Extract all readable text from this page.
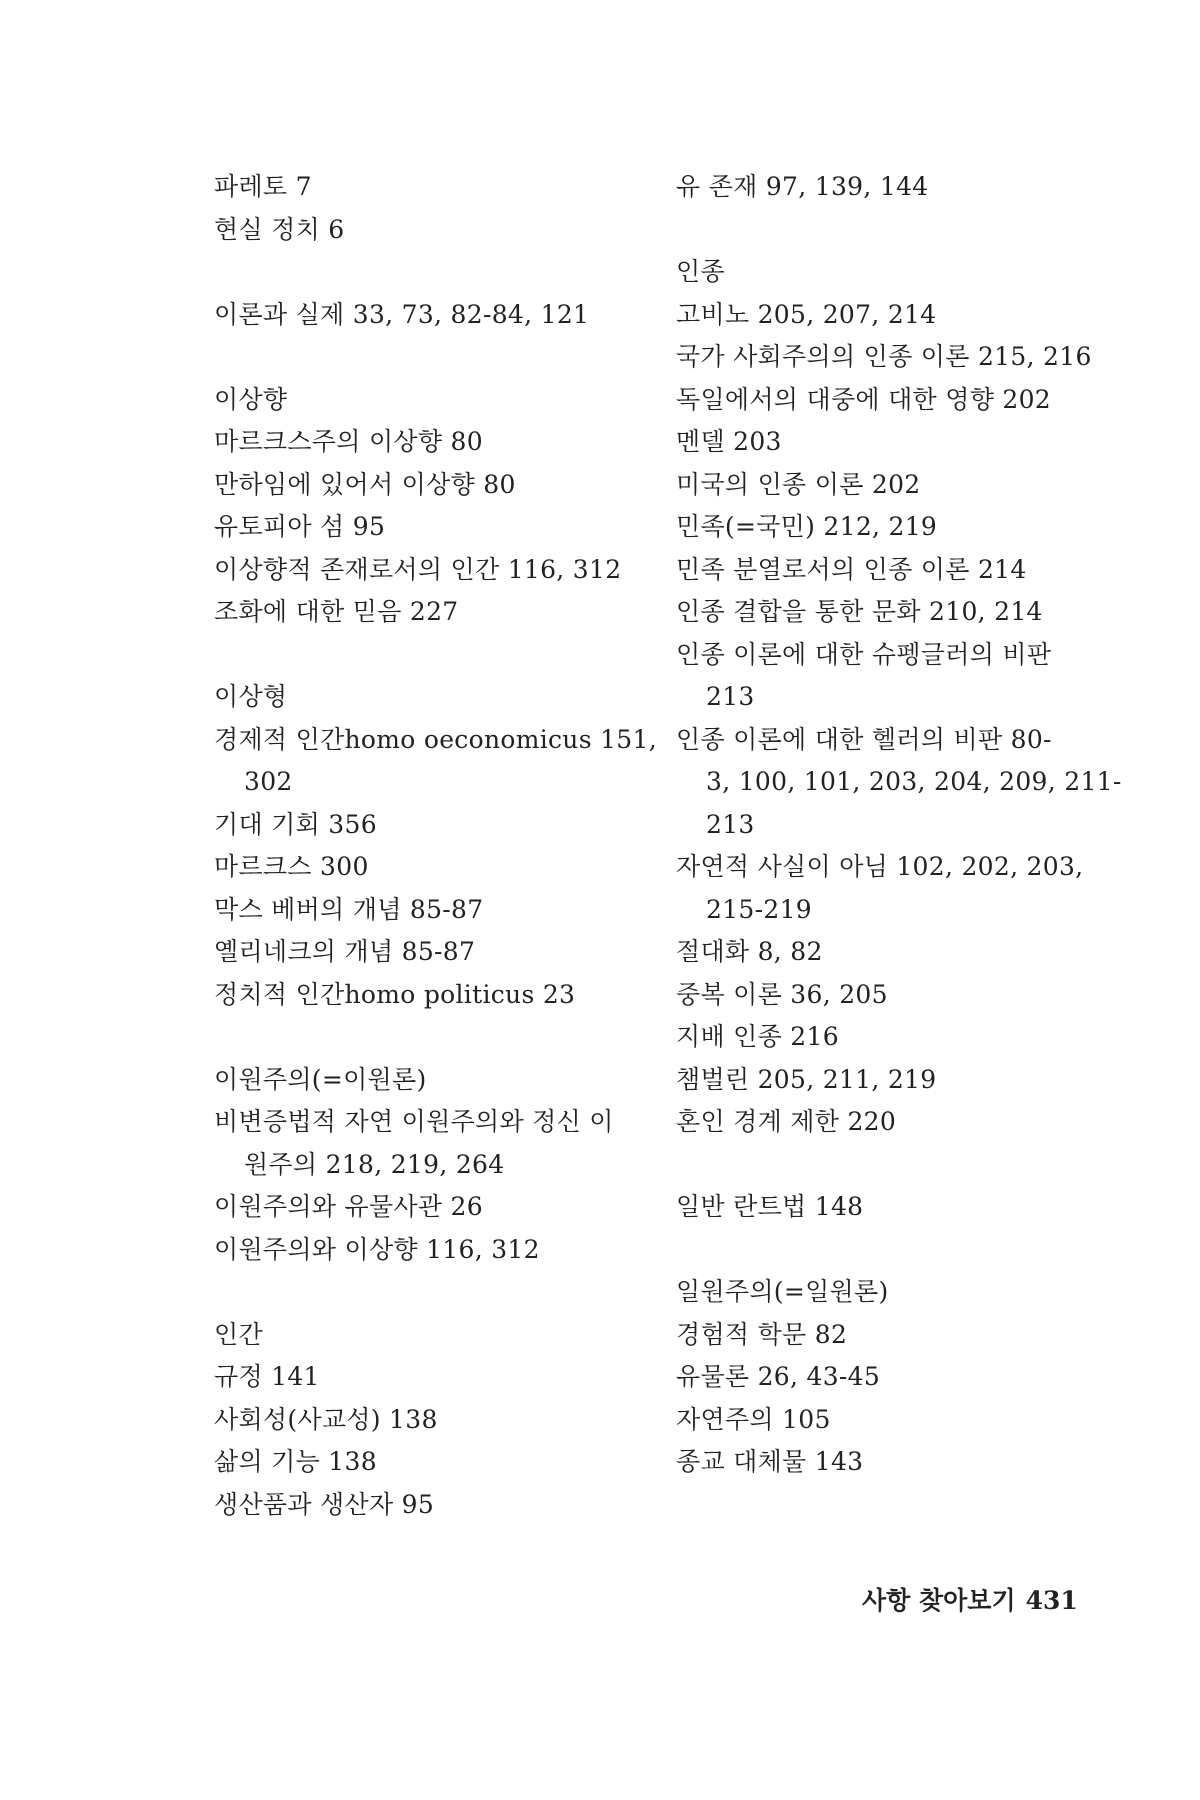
파레토 7
현실 정치 6
이론과 실제 33, 73, 82-84, 121
이상향
마르크스주의 이상향 80
만하임에 있어서 이상향 80
유토피아 섬 95
이상향적 존재로서의 인간 116, 312
조화에 대한 믿음 227
이상형
경제적 인간homo oeconomicus 151,
302
기대 기회 356
마르크스 300
막스 베버의 개념 85-87
옐리네크의 개념 85-87
정치적 인간homo politicus 23
이원주의(=이원론)
비변증법적 자연 이원주의와 정신 이
원주의 218, 219, 264
이원주의와 유물사관 26
이원주의와 이상향 116, 312
인간
규정 141
사회성(사교성) 138
삶의 기능 138
생산품과 생산자 95
유 존재 97, 139, 144
인종
고비노 205, 207, 214
국가 사회주의의 인종 이론 215, 216
독일에서의 대중에 대한 영향 202
멘델 203
미국의 인종 이론 202
민족(=국민) 212, 219
민족 분열로서의 인종 이론 214
인종 결합을 통한 문화 210, 214
인종 이론에 대한 슈펭글러의 비판
213
인종 이론에 대한 헬러의 비판 80-
3, 100, 101, 203, 204, 209, 211-
213
자연적 사실이 아님 102, 202, 203,
215-219
절대화 8, 82
중복 이론 36, 205
지배 인종 216
챔벌린 205, 211, 219
혼인 경계 제한 220
일반 란트법 148
일원주의(=일원론)
경험적 학문 82
유물론 26, 43-45
자연주의 105
종교 대체물 143
사항 찾아보기 431
